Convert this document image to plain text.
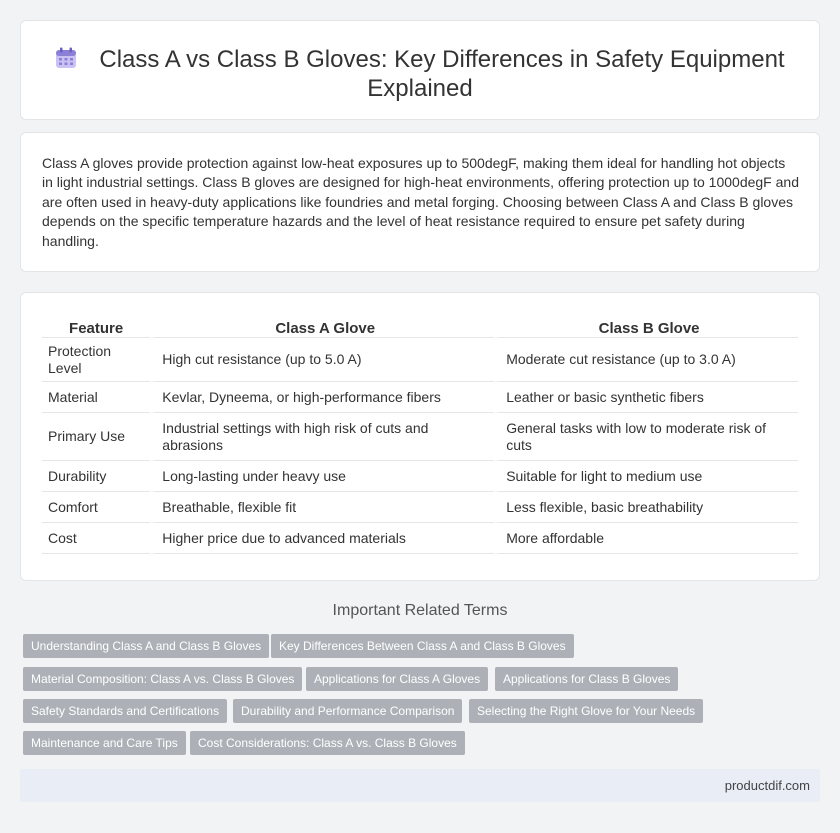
Class A vs Class B Gloves: Key Differences in Safety Equipment Explained
Class A gloves provide protection against low-heat exposures up to 500degF, making them ideal for handling hot objects in light industrial settings. Class B gloves are designed for high-heat environments, offering protection up to 1000degF and are often used in heavy-duty applications like foundries and metal forging. Choosing between Class A and Class B gloves depends on the specific temperature hazards and the level of heat resistance required to ensure pet safety during handling.
Feature	Class A Glove	Class B Glove
Protection Level	High cut resistance (up to 5.0 A)	Moderate cut resistance (up to 3.0 A)
Material	Kevlar, Dyneema, or high-performance fibers	Leather or basic synthetic fibers
Primary Use	Industrial settings with high risk of cuts and abrasions	General tasks with low to moderate risk of cuts
Durability	Long-lasting under heavy use	Suitable for light to medium use
Comfort	Breathable, flexible fit	Less flexible, basic breathability
Cost	Higher price due to advanced materials	More affordable
Important Related Terms
Understanding Class A and Class B Gloves	Key Differences Between Class A and Class B Gloves
Material Composition: Class A vs. Class B Gloves	Applications for Class A Gloves	Applications for Class B Gloves
Safety Standards and Certifications	Durability and Performance Comparison	Selecting the Right Glove for Your Needs
Maintenance and Care Tips	Cost Considerations: Class A vs. Class B Gloves
productdif.com
